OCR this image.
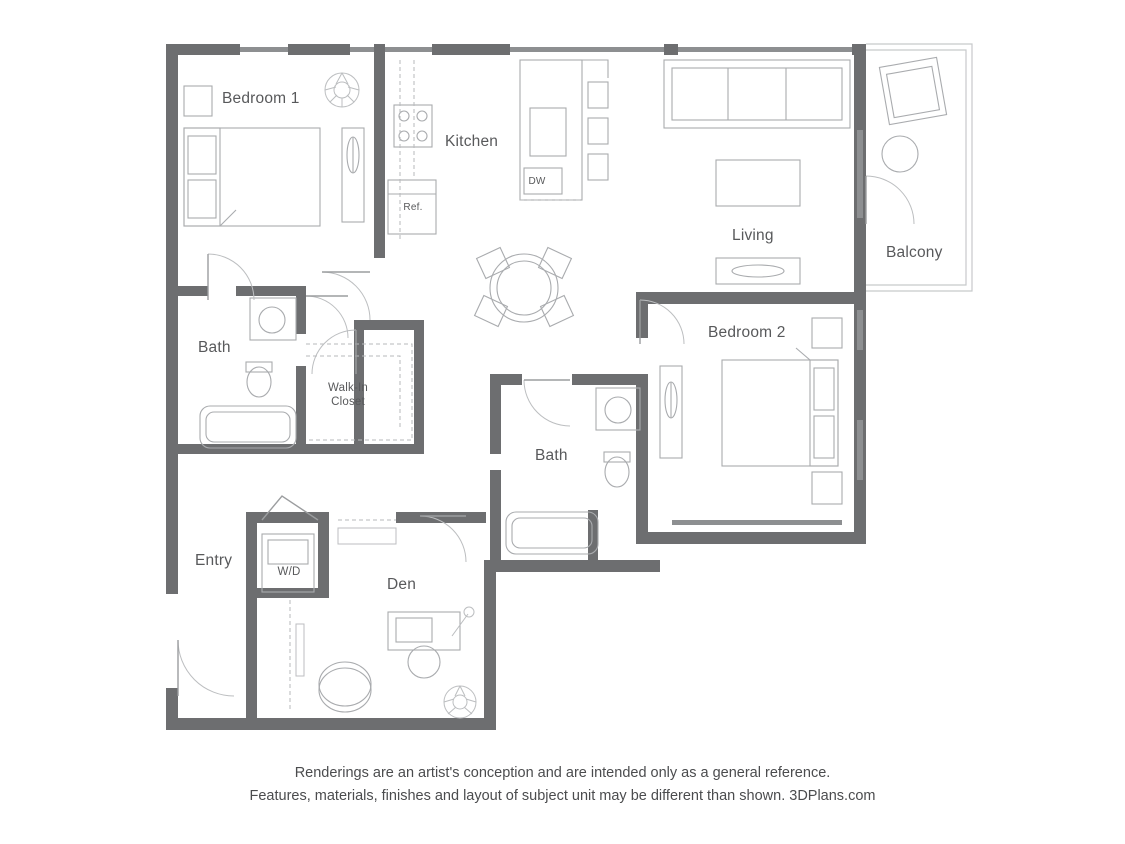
Bedroom 1
Kitchen
Living
Balcony
Bath
Walk-In
Closet
Bedroom 2
Bath
Entry
Den
DW
Ref.
W/D
Renderings are an artist's conception and are intended only as a general reference.
Features, materials, finishes and layout of subject unit may be different than shown. 3DPlans.com
